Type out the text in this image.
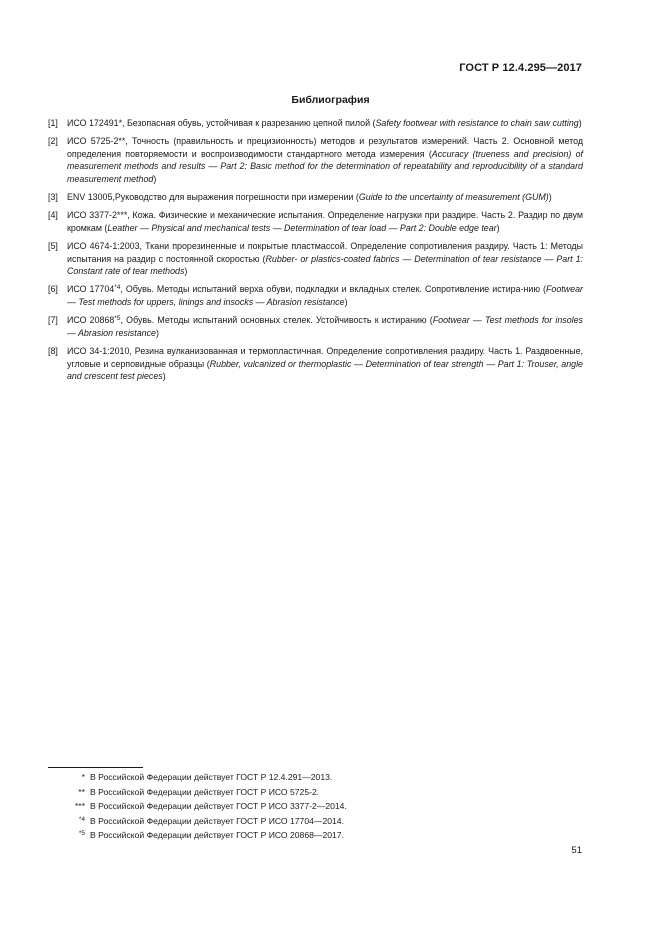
ГОСТ Р 12.4.295—2017
Библиография
[1] ИСО 172491*, Безопасная обувь, устойчивая к разрезанию цепной пилой (Safety footwear with resistance to chain saw cutting)
[2] ИСО 5725-2**, Точность (правильность и прецизионность) методов и результатов измерений. Часть 2. Основной метод определения повторяемости и воспроизводимости стандартного метода измерения (Accuracy (trueness and precision) of measurement methods and results — Part 2: Basic method for the determination of repeatability and reproducibility of a standard measurement method)
[3] ENV 13005,Руководство для выражения погрешности при измерении (Guide to the uncertainty of measurement (GUM))
[4] ИСО 3377-2***, Кожа. Физические и механические испытания. Определение нагрузки при раздире. Часть 2. Раздир по двум кромкам (Leather — Physical and mechanical tests — Determination of tear load — Part 2: Double edge tear)
[5] ИСО 4674-1:2003, Ткани прорезиненные и покрытые пластмассой. Определение сопротивления раздиру. Часть 1: Методы испытания на раздир с постоянной скоростью (Rubber- or plastics-coated fabrics — Determination of tear resistance — Part 1: Constant rate of tear methods)
[6] ИСО 17704$^{*4}$, Обувь. Методы испытаний верха обуви, подкладки и вкладных стелек. Сопротивление истира-нию (Footwear — Test methods for uppers, linings and insocks — Abrasion resistance)
[7] ИСО 20868$^{*5}$, Обувь. Методы испытаний основных стелек. Устойчивость к истиранию (Footwear — Test methods for insoles — Abrasion resistance)
[8] ИСО 34-1:2010, Резина вулканизованная и термопластичная. Определение сопротивления раздиру. Часть 1. Раздвоенные, угловые и серповидные образцы (Rubber, vulcanized or thermoplastic — Determination of tear strength — Part 1: Trouser, angle and crescent test pieces)
* В Российской Федерации действует ГОСТ Р 12.4.291—2013.
** В Российской Федерации действует ГОСТ Р ИСО 5725-2.
*** В Российской Федерации действует ГОСТ Р ИСО 3377-2—2014.
$^{*4}$ В Российской Федерации действует ГОСТ Р ИСО 17704—2014.
$^{*5}$ В Российской Федерации действует ГОСТ Р ИСО 20868—2017.
51
